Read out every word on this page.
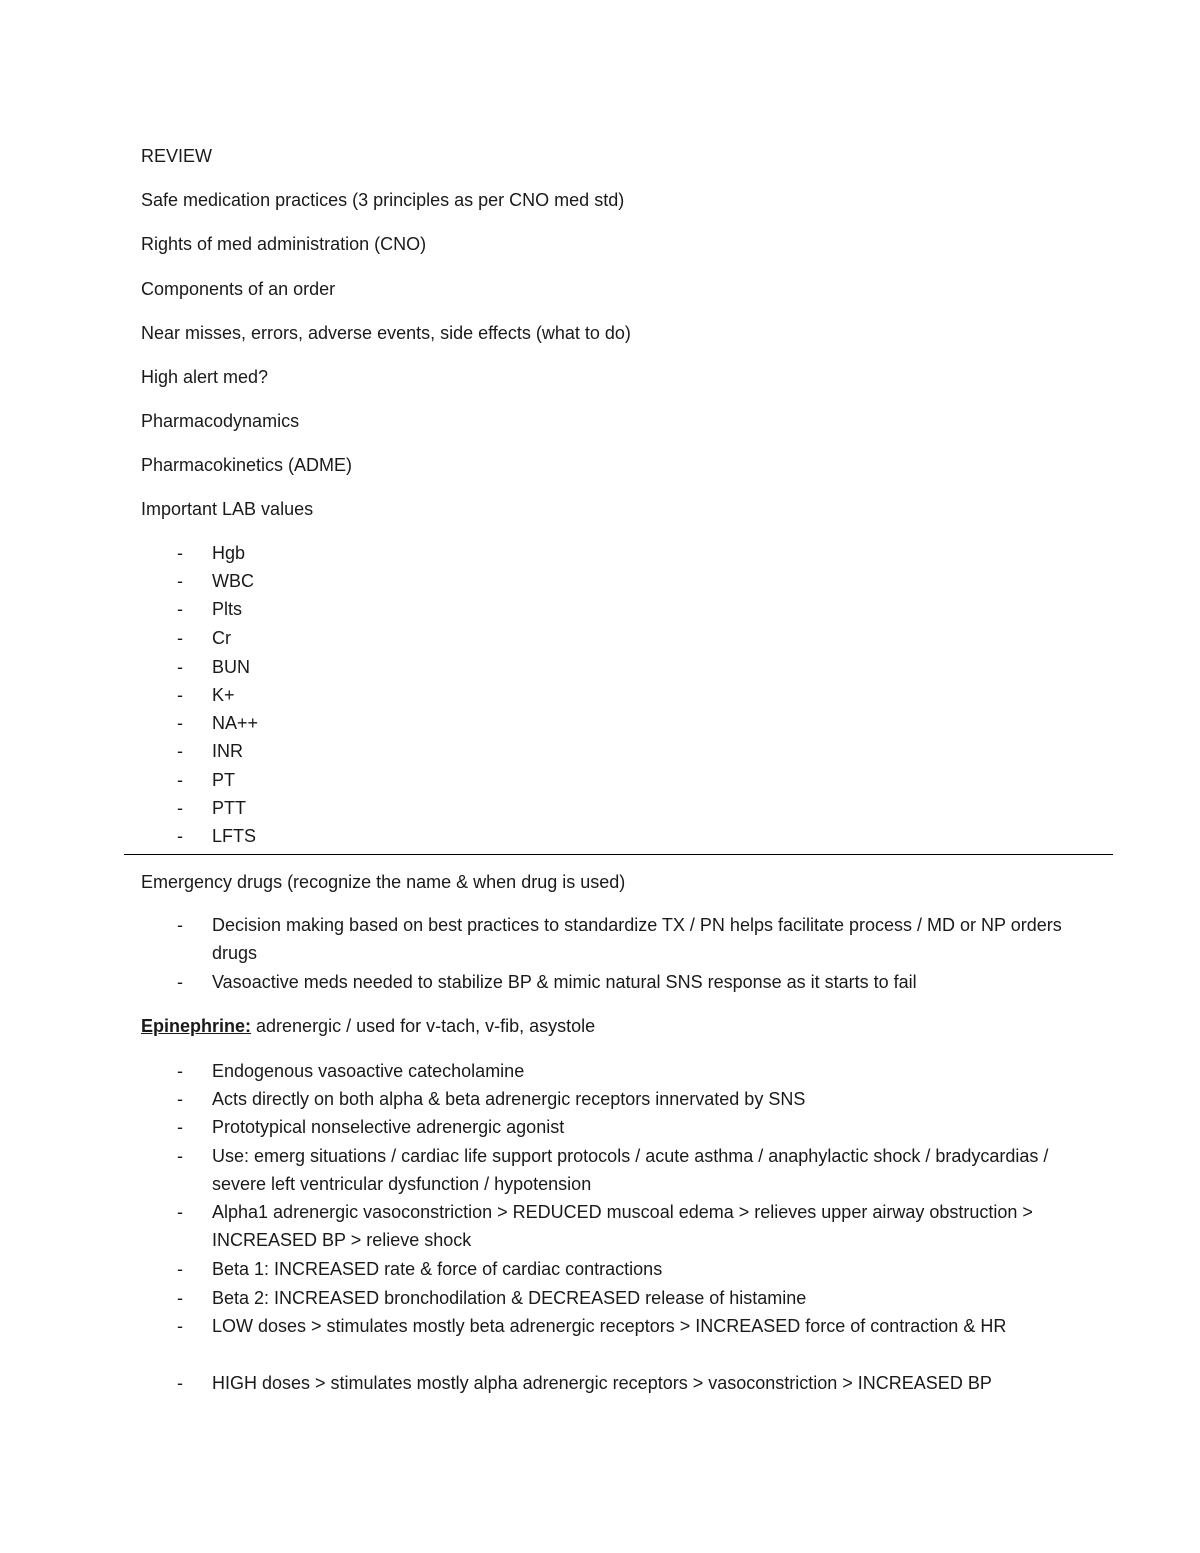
REVIEW
Safe medication practices (3 principles as per CNO med std)
Rights of med administration (CNO)
Components of an order
Near misses, errors, adverse events, side effects (what to do)
High alert med?
Pharmacodynamics
Pharmacokinetics (ADME)
Important LAB values
- Hgb
- WBC
- Plts
- Cr
- BUN
- K+
- NA++
- INR
- PT
- PTT
- LFTS
Emergency drugs (recognize the name & when drug is used)
- Decision making based on best practices to standardize TX / PN helps facilitate process / MD or NP orders drugs
- Vasoactive meds needed to stabilize BP & mimic natural SNS response as it starts to fail
Epinephrine: adrenergic / used for v-tach, v-fib, asystole
- Endogenous vasoactive catecholamine
- Acts directly on both alpha & beta adrenergic receptors innervated by SNS
- Prototypical nonselective adrenergic agonist
- Use: emerg situations / cardiac life support protocols / acute asthma / anaphylactic shock / bradycardias / severe left ventricular dysfunction / hypotension
- Alpha1 adrenergic vasoconstriction > REDUCED muscoal edema > relieves upper airway obstruction > INCREASED BP > relieve shock
- Beta 1: INCREASED rate & force of cardiac contractions
- Beta 2: INCREASED bronchodilation & DECREASED release of histamine
- LOW doses > stimulates mostly beta adrenergic receptors > INCREASED force of contraction & HR
- HIGH doses > stimulates mostly alpha adrenergic receptors > vasoconstriction > INCREASED BP
